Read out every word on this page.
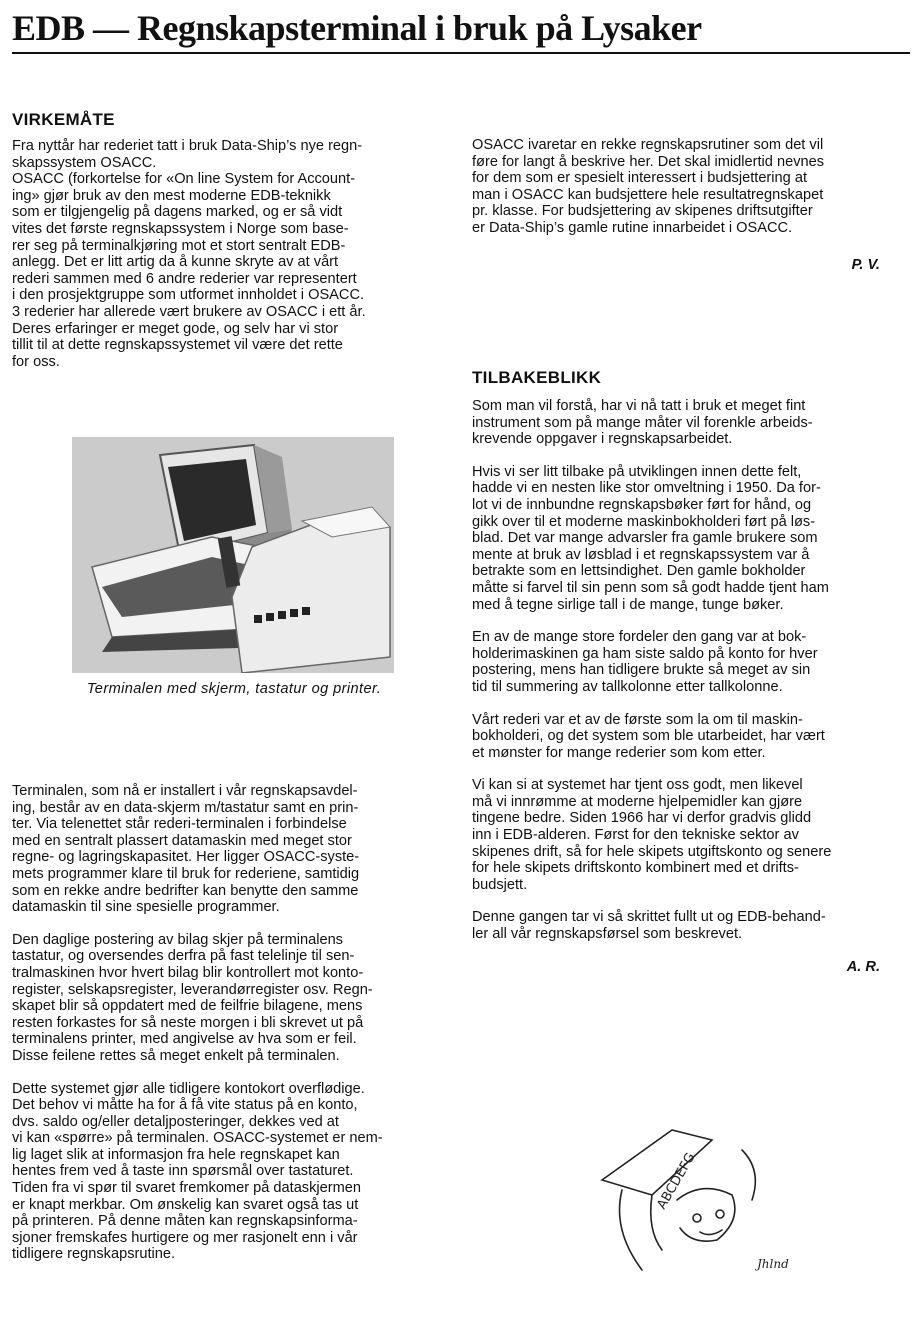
EDB — Regnskapsterminal i bruk på Lysaker
VIRKEMÅTE

Fra nyttår har rederiet tatt i bruk Data-Ship’s nye regn-
skapssystem OSACC.
OSACC (forkortelse for «On line System for Account-
ing» gjør bruk av den mest moderne EDB-teknikk
som er tilgjengelig på dagens marked, og er så vidt
vites det første regnskapssystem i Norge som base-
rer seg på terminalkjøring mot et stort sentralt EDB-
anlegg. Det er litt artig da å kunne skryte av at vårt
rederi sammen med 6 andre rederier var representert
i den prosjektgruppe som utformet innholdet i OSACC.
3 rederier har allerede vært brukere av OSACC i ett år.
Deres erfaringer er meget gode, og selv har vi stor
tillit til at dette regnskapssystemet vil være det rette
for oss.

Terminalen med skjerm, tastatur og printer.

Terminalen, som nå er installert i vår regnskapsavdel-
ing, består av en data-skjerm m/tastatur samt en prin-
ter. Via telenettet står rederi-terminalen i forbindelse
med en sentralt plassert datamaskin med meget stor
regne- og lagringskapasitet. Her ligger OSACC-syste-
mets programmer klare til bruk for rederiene, samtidig
som en rekke andre bedrifter kan benytte den samme
datamaskin til sine spesielle programmer.

Den daglige postering av bilag skjer på terminalens
tastatur, og oversendes derfra på fast telelinje til sen-
tralmaskinen hvor hvert bilag blir kontrollert mot konto-
register, selskapsregister, leverandørregister osv. Regn-
skapet blir så oppdatert med de feilfrie bilagene, mens
resten forkastes for så neste morgen i bli skrevet ut på
terminalens printer, med angivelse av hva som er feil.
Disse feilene rettes så meget enkelt på terminalen.

Dette systemet gjør alle tidligere kontokort overflødige.
Det behov vi måtte ha for å få vite status på en konto,
dvs. saldo og/eller detaljposteringer, dekkes ved at
vi kan «spørre» på terminalen. OSACC-systemet er nem-
lig laget slik at informasjon fra hele regnskapet kan
hentes frem ved å taste inn spørsmål over tastaturet.
Tiden fra vi spør til svaret fremkomer på dataskjermen
er knapt merkbar. Om ønskelig kan svaret også tas ut
på printeren. På denne måten kan regnskapsinforma-
sjoner fremskafes hurtigere og mer rasjonelt enn i vår
tidligere regnskapsrutine.

OSACC ivaretar en rekke regnskapsrutiner som det vil
føre for langt å beskrive her. Det skal imidlertid nevnes
for dem som er spesielt interessert i budsjettering at
man i OSACC kan budsjettere hele resultatregnskapet
pr. klasse. For budsjettering av skipenes driftsutgifter
er Data-Ship’s gamle rutine innarbeidet i OSACC.

P. V.

TILBAKEBLIKK

Som man vil forstå, har vi nå tatt i bruk et meget fint
instrument som på mange måter vil forenkle arbeids-
krevende oppgaver i regnskapsarbeidet.

Hvis vi ser litt tilbake på utviklingen innen dette felt,
hadde vi en nesten like stor omveltning i 1950. Da for-
lot vi de innbundne regnskapsbøker ført for hånd, og
gikk over til et moderne maskinbokholderi ført på løs-
blad. Det var mange advarsler fra gamle brukere som
mente at bruk av løsblad i et regnskapssystem var å
betrakte som en lettsindighet. Den gamle bokholder
måtte si farvel til sin penn som så godt hadde tjent ham
med å tegne sirlige tall i de mange, tunge bøker.

En av de mange store fordeler den gang var at bok-
holderimaskinen ga ham siste saldo på konto for hver
postering, mens han tidligere brukte så meget av sin
tid til summering av tallkolonne etter tallkolonne.

Vårt rederi var et av de første som la om til maskin-
bokholderi, og det system som ble utarbeidet, har vært
et mønster for mange rederier som kom etter.

Vi kan si at systemet har tjent oss godt, men likevel
må vi innrømme at moderne hjelpemidler kan gjøre
tingene bedre. Siden 1966 har vi derfor gradvis glidd
inn i EDB-alderen. Først for den tekniske sektor av
skipenes drift, så for hele skipets utgiftskonto og senere
for hele skipets driftskonto kombinert med et drifts-
budsjett.

Denne gangen tar vi så skrittet fullt ut og EDB-behand-
ler all vår regnskapsførsel som beskrevet.

A. R.

ABCDEFG
Jhlnd
